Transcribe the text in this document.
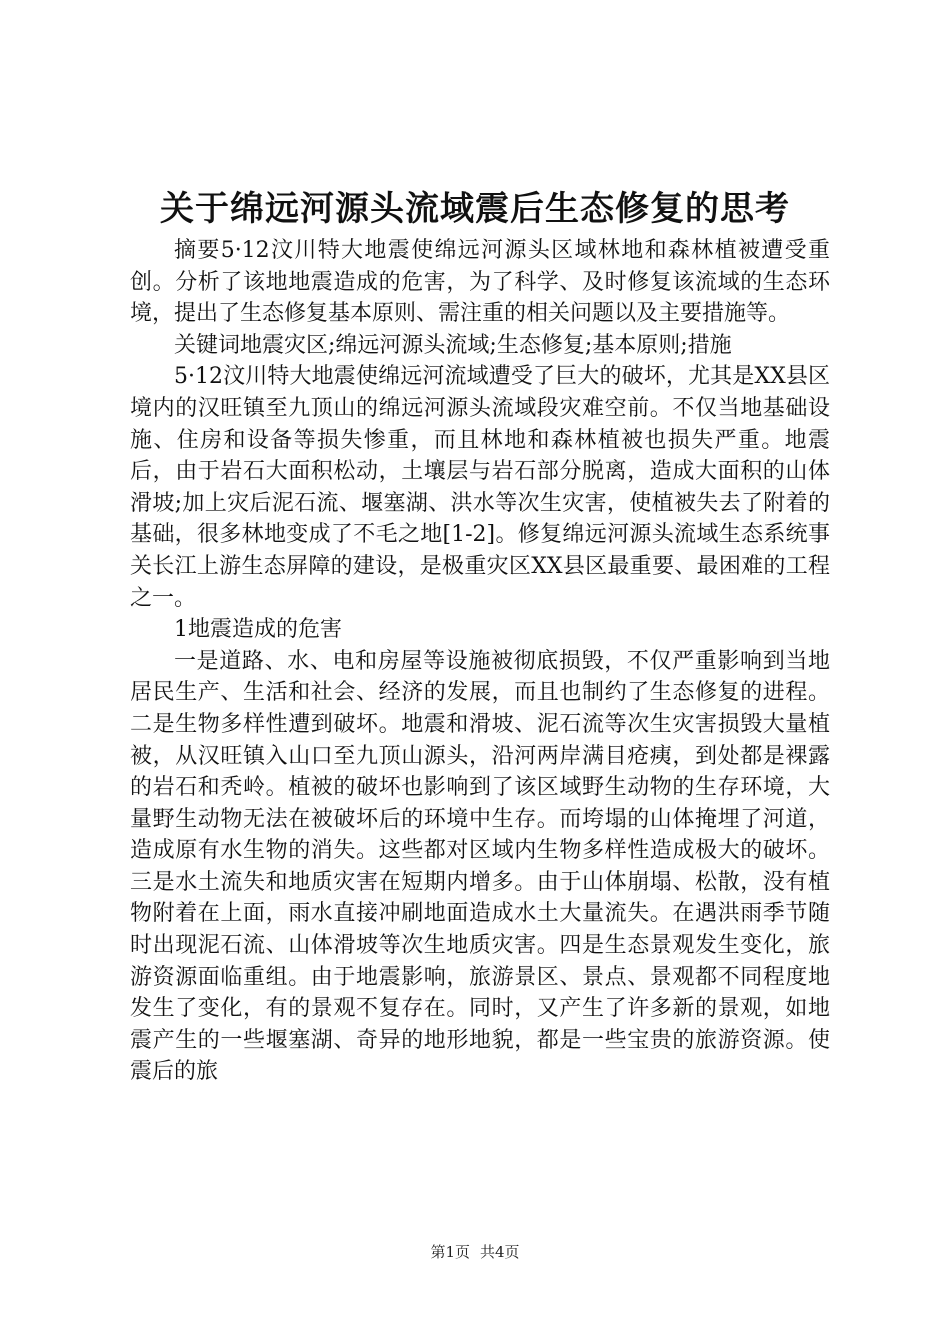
关于绵远河源头流域震后生态修复的思考

摘要5·12汶川特大地震使绵远河源头区域林地和森林植被遭受重创。分析了该地地震造成的危害，为了科学、及时修复该流域的生态环境，提出了生态修复基本原则、需注重的相关问题以及主要措施等。

关键词地震灾区;绵远河源头流域;生态修复;基本原则;措施

5·12汶川特大地震使绵远河流域遭受了巨大的破坏，尤其是XX县区境内的汉旺镇至九顶山的绵远河源头流域段灾难空前。不仅当地基础设施、住房和设备等损失惨重，而且林地和森林植被也损失严重。地震后，由于岩石大面积松动，土壤层与岩石部分脱离，造成大面积的山体滑坡;加上灾后泥石流、堰塞湖、洪水等次生灾害，使植被失去了附着的基础，很多林地变成了不毛之地[1-2]。修复绵远河源头流域生态系统事关长江上游生态屏障的建设，是极重灾区XX县区最重要、最困难的工程之一。

1地震造成的危害

一是道路、水、电和房屋等设施被彻底损毁，不仅严重影响到当地居民生产、生活和社会、经济的发展，而且也制约了生态修复的进程。二是生物多样性遭到破坏。地震和滑坡、泥石流等次生灾害损毁大量植被，从汉旺镇入山口至九顶山源头，沿河两岸满目疮痍，到处都是裸露的岩石和秃岭。植被的破坏也影响到了该区域野生动物的生存环境，大量野生动物无法在被破坏后的环境中生存。而垮塌的山体掩埋了河道，造成原有水生物的消失。这些都对区域内生物多样性造成极大的破坏。三是水土流失和地质灾害在短期内增多。由于山体崩塌、松散，没有植物附着在上面，雨水直接冲刷地面造成水土大量流失。在遇洪雨季节随时出现泥石流、山体滑坡等次生地质灾害。四是生态景观发生变化，旅游资源面临重组。由于地震影响，旅游景区、景点、景观都不同程度地发生了变化，有的景观不复存在。同时，又产生了许多新的景观，如地震产生的一些堰塞湖、奇异的地形地貌，都是一些宝贵的旅游资源。使震后的旅

第1页 共4页
